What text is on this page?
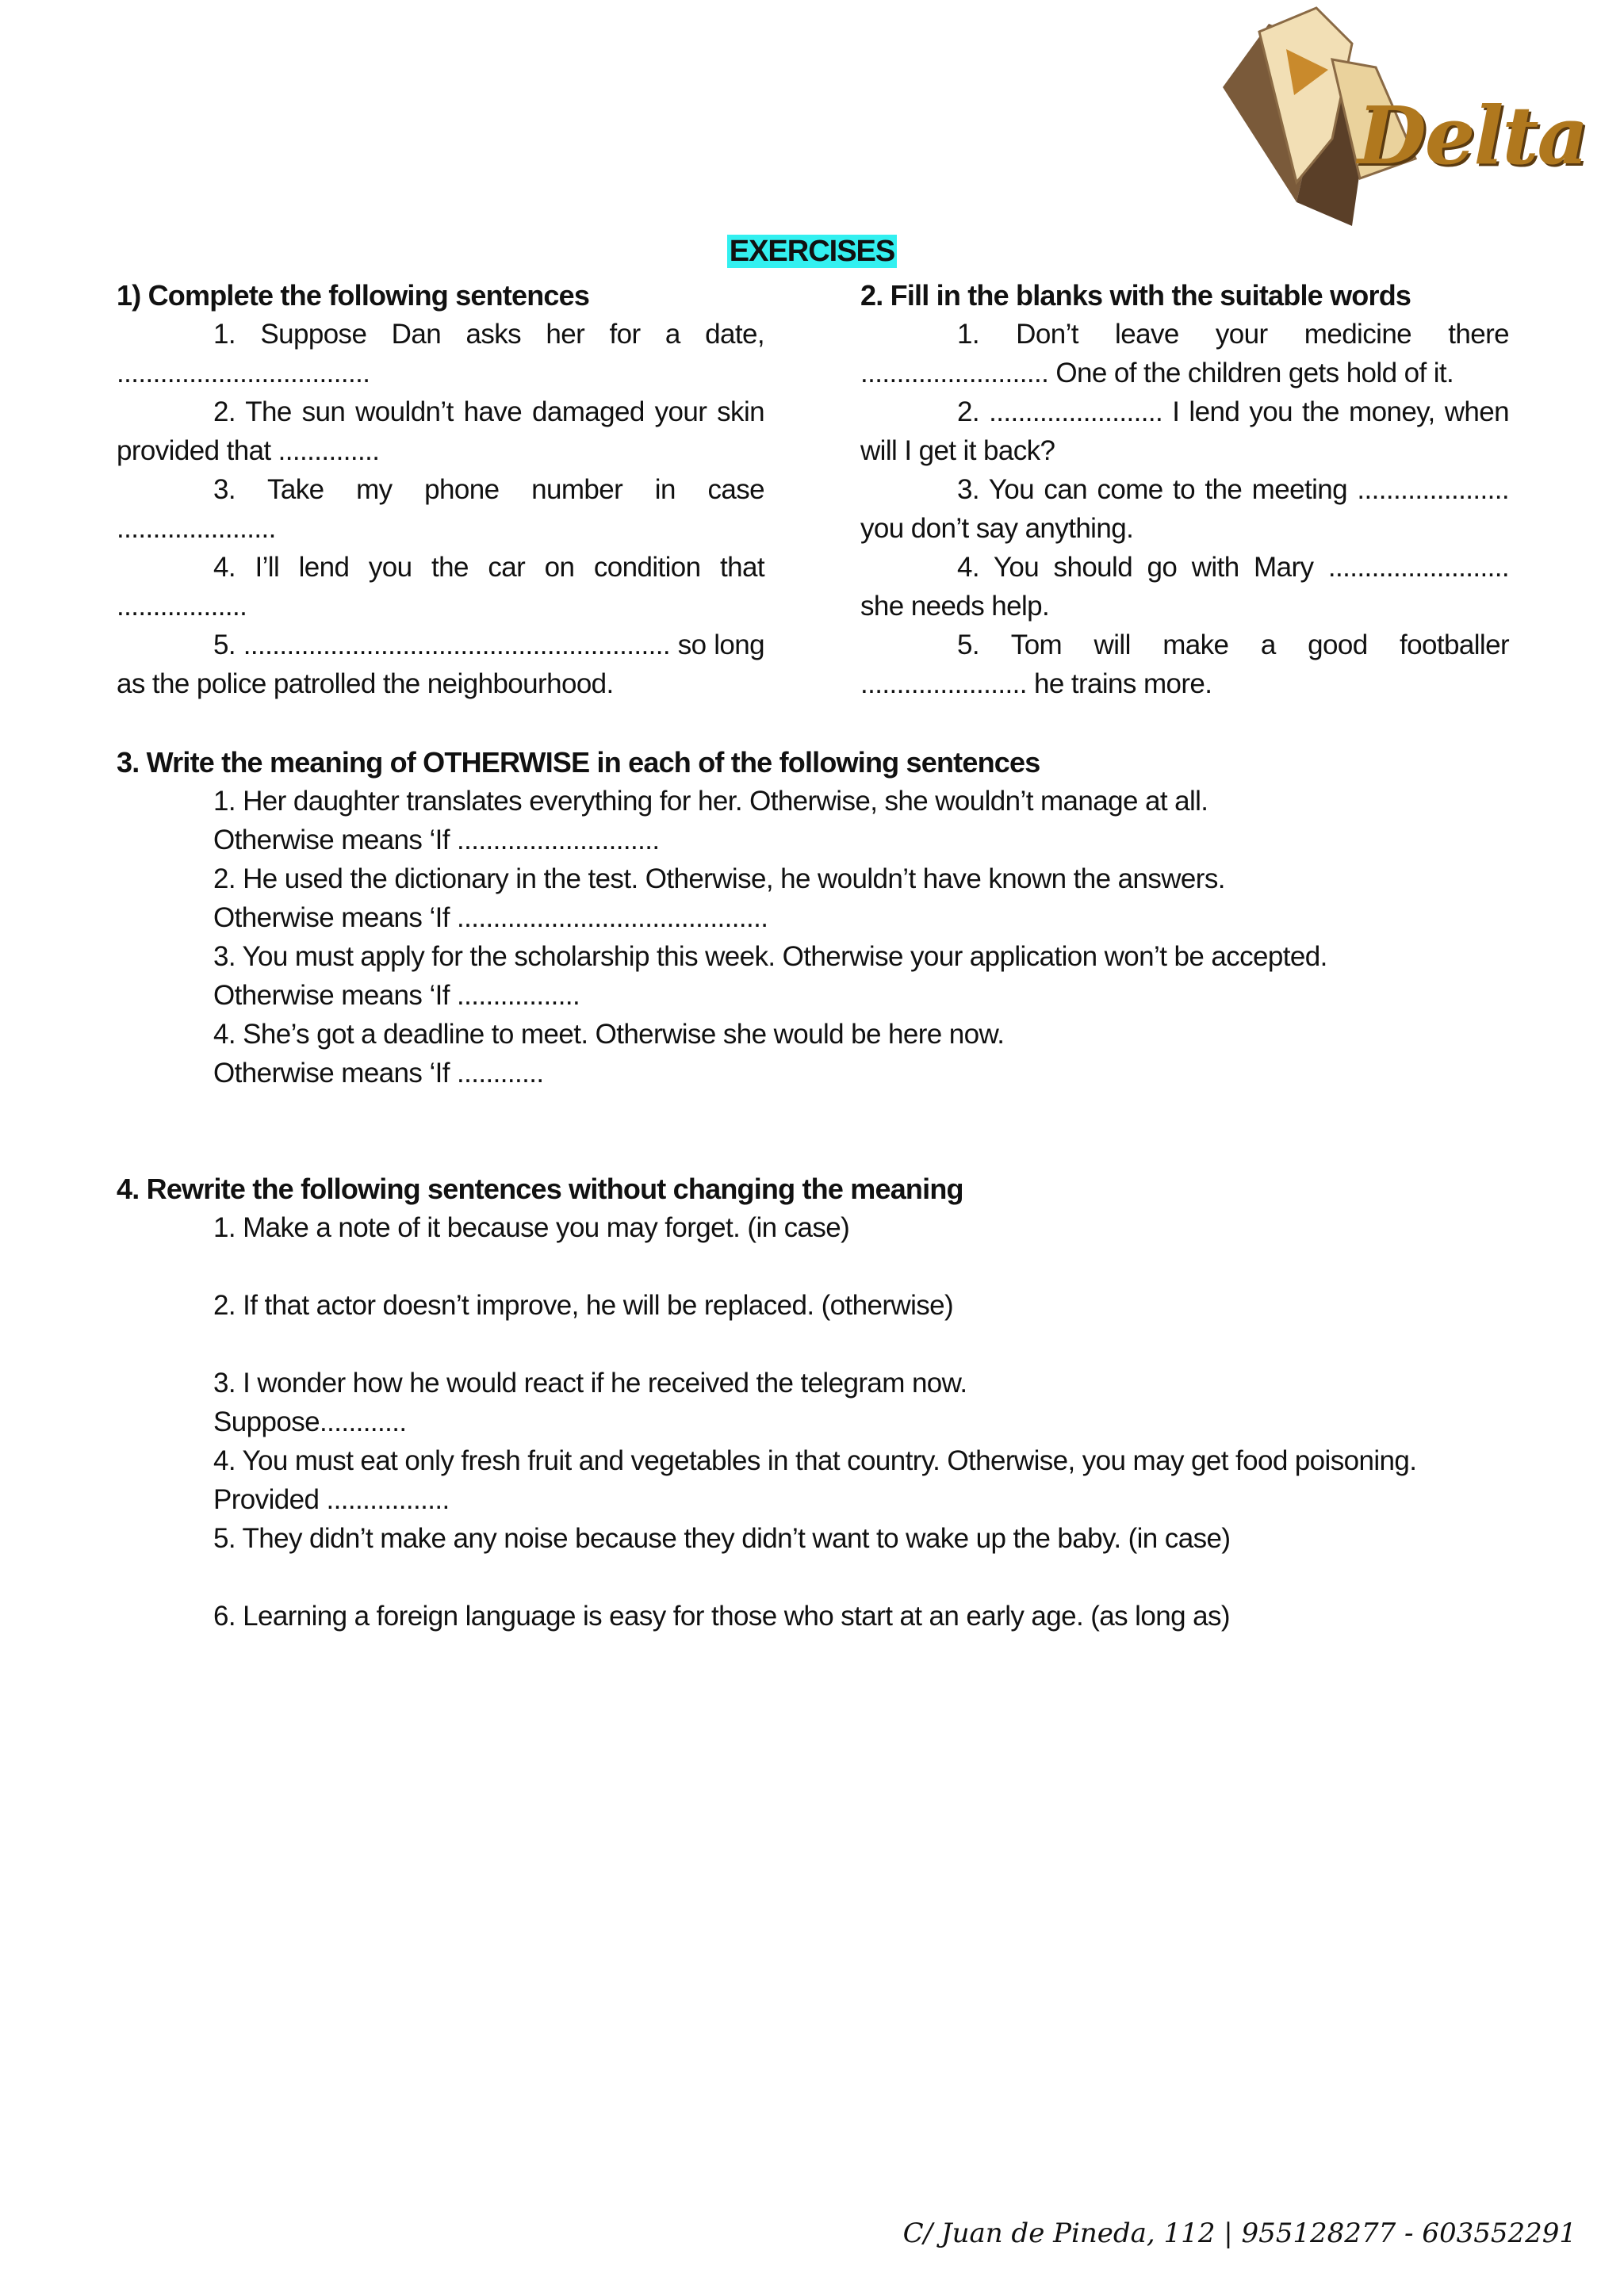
Delta
EXERCISES
1) Complete the following sentences

1. Suppose Dan asks her for a date, ...................................

2. The sun wouldn’t have damaged your skin provided that ..............

3. Take my phone number in case ......................

4. I’ll lend you the car on condition that ..................

5. ........................................................... so long as the police patrolled the neighbourhood.

2. Fill in the blanks with the suitable words

1. Don’t leave your medicine there .......................... One of the children gets hold of it.

2. ........................ I lend you the money, when will I get it back?

3. You can come to the meeting ..................... you don’t say anything.

4. You should go with Mary ......................... she needs help.

5. Tom will make a good footballer ....................... he trains more.

3. Write the meaning of OTHERWISE in each of the following sentences

1. Her daughter translates everything for her. Otherwise, she wouldn’t manage at all.

Otherwise means ‘If ............................

2. He used the dictionary in the test. Otherwise, he wouldn’t have known the answers.

Otherwise means ‘If ...........................................

3. You must apply for the scholarship this week. Otherwise your application won’t be accepted.

Otherwise means ‘If .................

4. She’s got a deadline to meet. Otherwise she would be here now.

Otherwise means ‘If ............

4. Rewrite the following sentences without changing the meaning

1. Make a note of it because you may forget. (in case)

2. If that actor doesn’t improve, he will be replaced. (otherwise)

3. I wonder how he would react if he received the telegram now.

Suppose............

4. You must eat only fresh fruit and vegetables in that country. Otherwise, you may get food poisoning.

Provided .................

5. They didn’t make any noise because they didn’t want to wake up the baby. (in case)

6. Learning a foreign language is easy for those who start at an early age. (as long as)

C/ Juan de Pineda, 112 | 955128277 - 603552291
